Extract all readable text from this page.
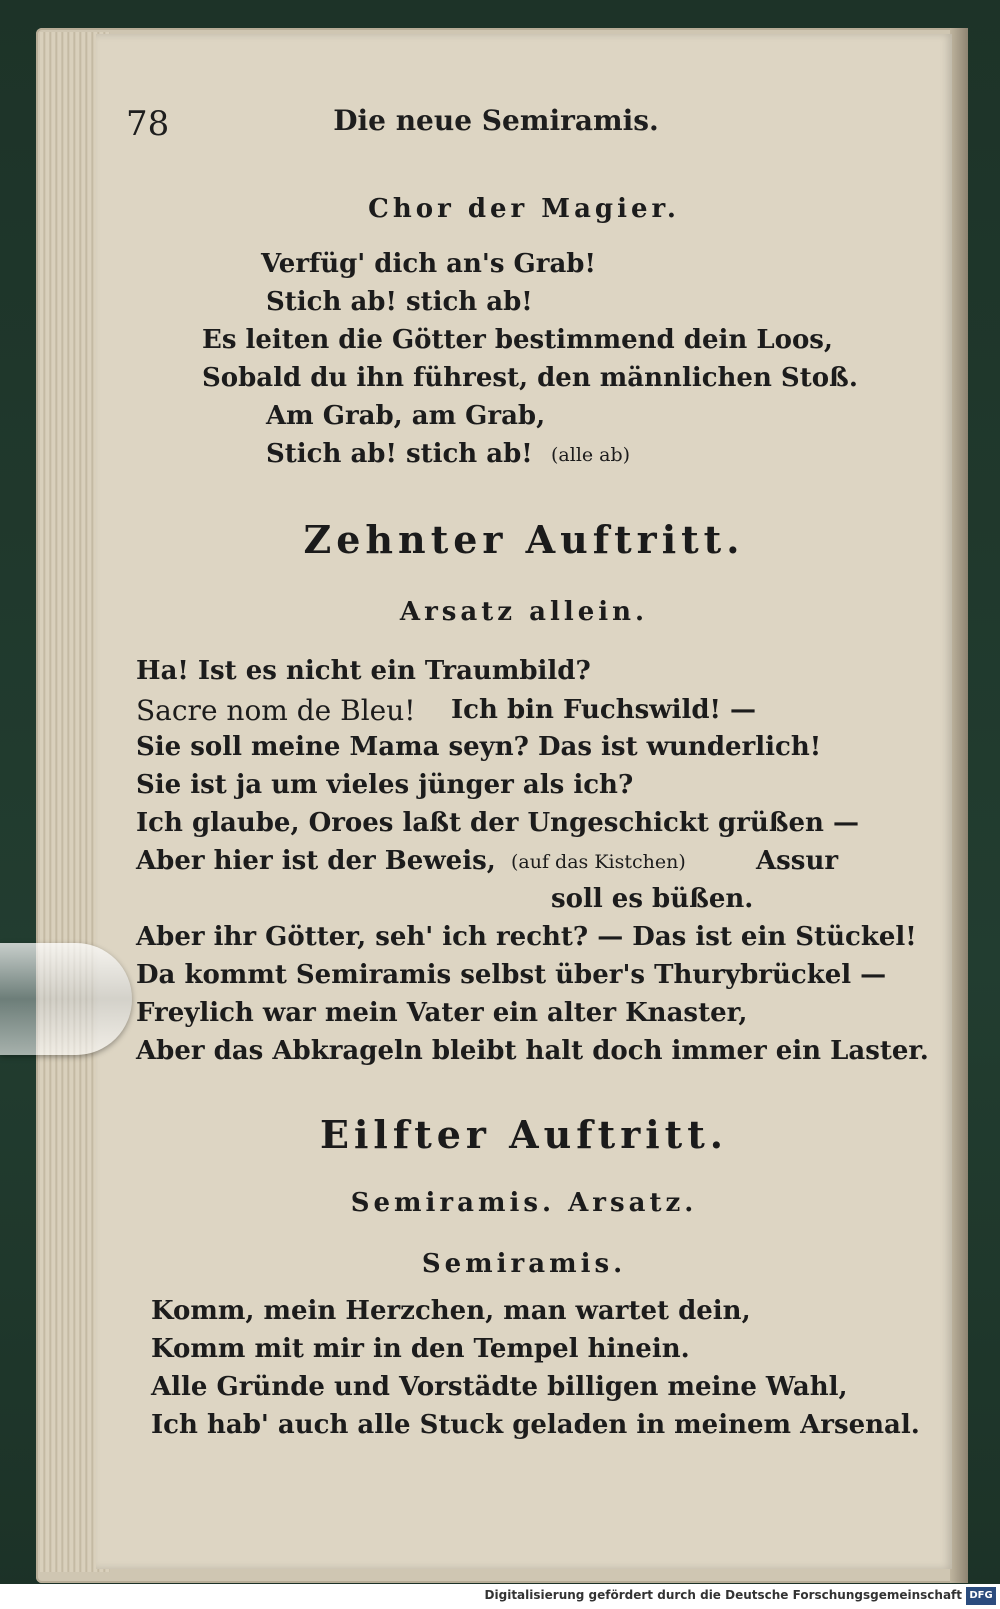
78	Die neue Semiramis.
Chor der Magier.
Verfüg' dich an's Grab!
Stich ab! stich ab!
Es leiten die Götter bestimmend dein Loos,
Sobald du ihn führest, den männlichen Stoß.
Am Grab, am Grab,
Stich ab! stich ab! (alle ab)
Zehnter Auftritt.
Arsatz allein.
Ha! Ist es nicht ein Traumbild?
Sacre nom de Bleu! Ich bin Fuchswild! —
Sie soll meine Mama seyn? Das ist wunderlich!
Sie ist ja um vieles jünger als ich?
Ich glaube, Oroes laßt der Ungeschickt grüßen —
Aber hier ist der Beweis, (auf das Kistchen)	Assur
soll es büßen.
Aber ihr Götter, seh' ich recht? — Das ist ein Stückel!
Da kommt Semiramis selbst über's Thurybrückel —
Freylich war mein Vater ein alter Knaster,
Aber das Abkrageln bleibt halt doch immer ein Laster.
Eilfter Auftritt.
Semiramis. Arsatz.
Semiramis.
Komm, mein Herzchen, man wartet dein,
Komm mit mir in den Tempel hinein.
Alle Gründe und Vorstädte billigen meine Wahl,
Ich hab' auch alle Stuck geladen in meinem Arsenal.
Digitalisierung gefördert durch die Deutsche Forschungsgemeinschaft DFG
